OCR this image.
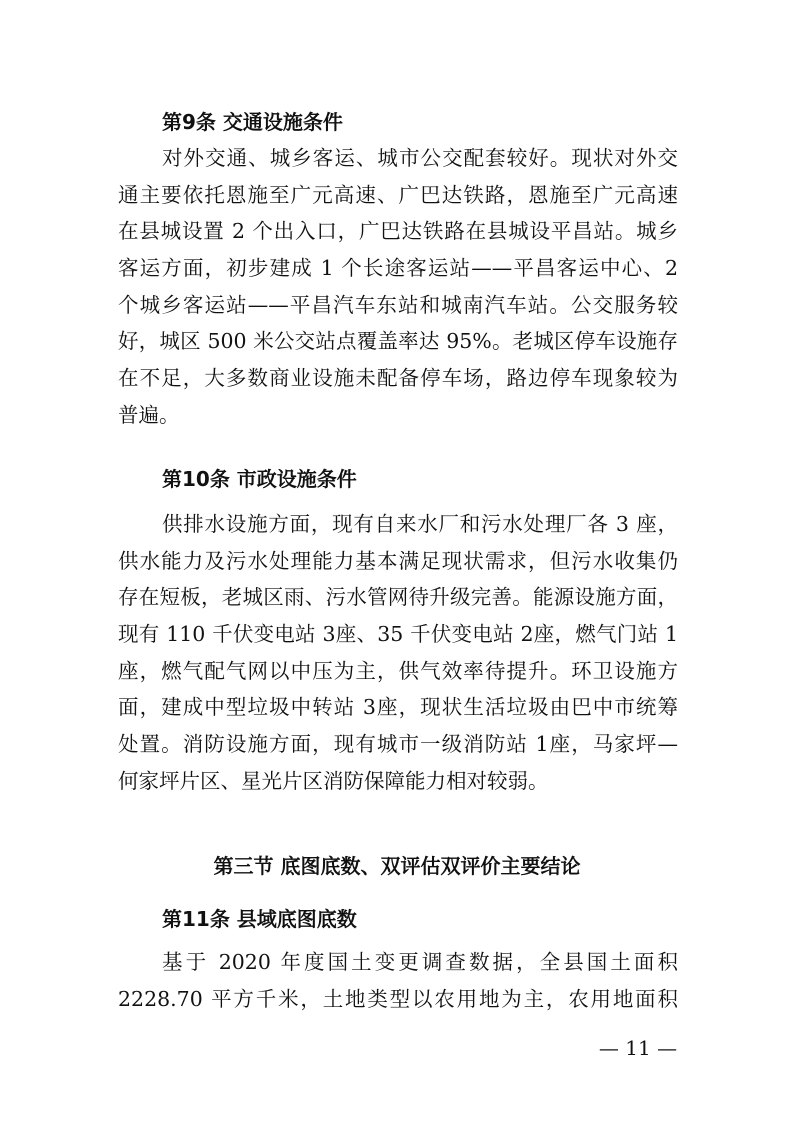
第9条 交通设施条件
对外交通、城乡客运、城市公交配套较好。现状对外交
通主要依托恩施至广元高速、广巴达铁路，恩施至广元高速
在县城设置 2 个出入口，广巴达铁路在县城设平昌站。城乡
客运方面，初步建成 1 个长途客运站——平昌客运中心、2
个城乡客运站——平昌汽车东站和城南汽车站。公交服务较
好，城区 500 米公交站点覆盖率达 95%。老城区停车设施存
在不足，大多数商业设施未配备停车场，路边停车现象较为
普遍。
第10条 市政设施条件
供排水设施方面，现有自来水厂和污水处理厂各 3 座，
供水能力及污水处理能力基本满足现状需求，但污水收集仍
存在短板，老城区雨、污水管网待升级完善。能源设施方面，
现有 110 千伏变电站 3座、35 千伏变电站 2座，燃气门站 1
座，燃气配气网以中压为主，供气效率待提升。环卫设施方
面，建成中型垃圾中转站 3座，现状生活垃圾由巴中市统筹
处置。消防设施方面，现有城市一级消防站 1座，马家坪—
何家坪片区、星光片区消防保障能力相对较弱。
第三节 底图底数、双评估双评价主要结论
第11条 县域底图底数
基于 2020 年度国土变更调查数据，全县国土面积
2228.70 平方千米，土地类型以农用地为主，农用地面积
— 11 —
